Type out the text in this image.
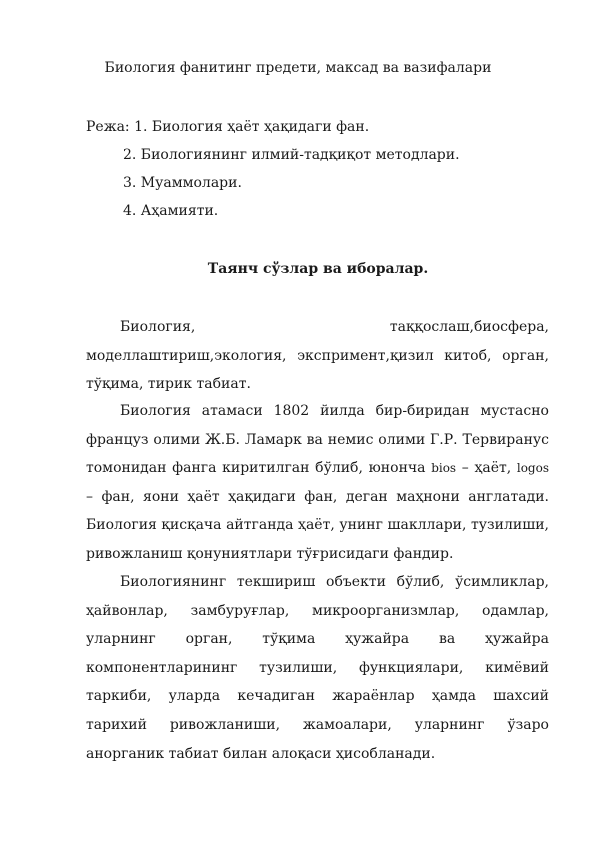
Биология фанитинг предети, максад ва вазифалари
Режа: 1. Биология ҳаёт ҳақидаги фан.
2. Биологиянинг илмий-тадқиқот методлари.
3. Муаммолари.
4. Аҳамияти.
Таянч сўзлар ва иборалар.
Биология, таққослаш,биосфера, моделлаштириш,экология, экспримент,қизил китоб, орган, тўқима, тирик табиат.
Биология атамаси 1802 йилда бир-биридан мустасно француз олими Ж.Б. Ламарк ва немис олими Г.Р. Тервиранус томонидан фанга киритилган бўлиб, юнонча bios – ҳаёт, logos – фан, яони ҳаёт ҳақидаги фан, деган маҳнони англатади. Биология қисқача айтганда ҳаёт, унинг шакллари, тузилиши, ривожланиш қонуниятлари тўғрисидаги фандир.
Биологиянинг текшириш объекти бўлиб, ўсимликлар, ҳайвонлар, замбуруғлар, микроорганизмлар, одамлар, уларнинг орган, тўқима ҳужайра ва ҳужайра компонентларининг тузилиши, функциялари, кимёвий таркиби, уларда кечадиган жараёнлар ҳамда шахсий тарихий ривожланиши, жамоалари, уларнинг ўзаро анорганик табиат билан алоқаси ҳисобланади.
